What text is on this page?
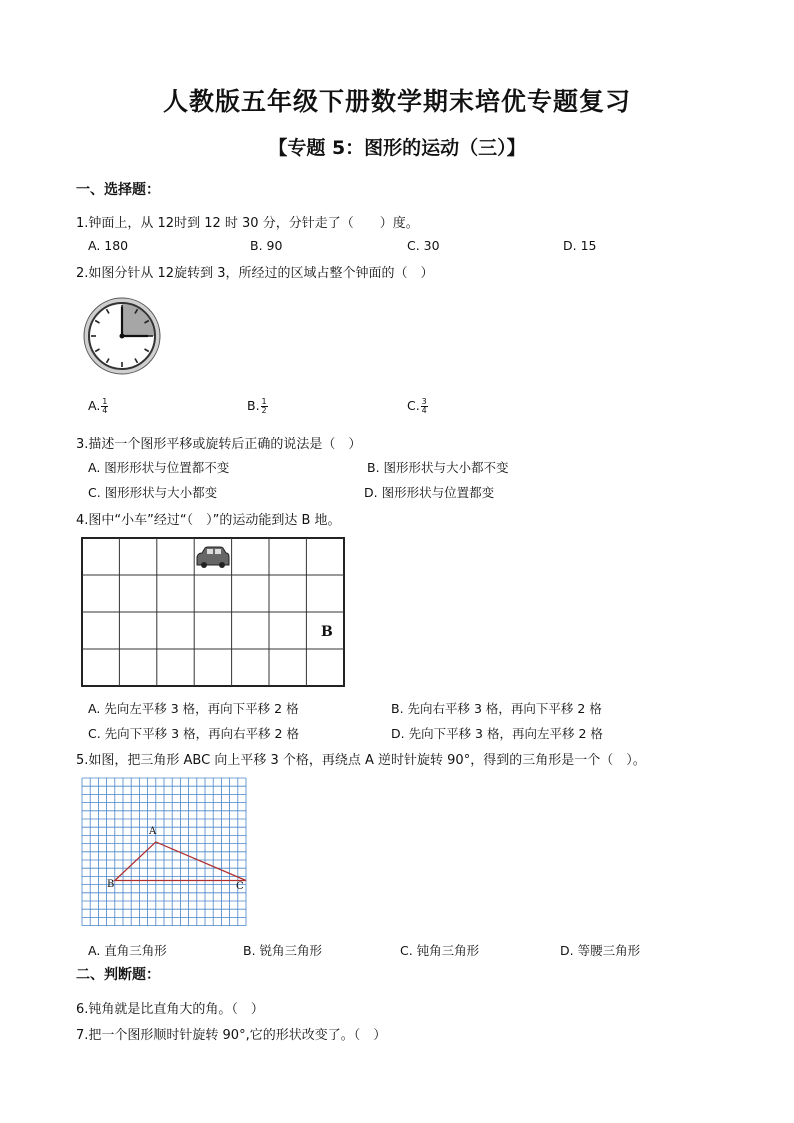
人教版五年级下册数学期末培优专题复习
【专题 5：图形的运动（三）】
一、选择题：
1.钟面上，从 12时到 12 时 30 分，分针走了（　　）度。
A. 180	B. 90	C. 30	D. 15
2.如图分针从 12旋转到 3，所经过的区域占整个钟面的（　）
A. $\frac{1}{4}$	B. $\frac{1}{2}$	C. $\frac{3}{4}$
3.描述一个图形平移或旋转后正确的说法是（　）
A. 图形形状与位置都不变	B. 图形形状与大小都不变
C. 图形形状与大小都变	D. 图形形状与位置都变
4.图中“小车”经过“（　）”的运动能到达 B 地。
B
A. 先向左平移 3 格，再向下平移 2 格	B. 先向右平移 3 格，再向下平移 2 格
C. 先向下平移 3 格，再向右平移 2 格	D. 先向下平移 3 格，再向左平移 2 格
5.如图，把三角形 ABC 向上平移 3 个格，再绕点 A 逆时针旋转 90°，得到的三角形是一个（　）。
A
B	C
A. 直角三角形	B. 锐角三角形	C. 钝角三角形	D. 等腰三角形
二、判断题：
6.钝角就是比直角大的角。（　）
7.把一个图形顺时针旋转 90°,它的形状改变了。（　）
